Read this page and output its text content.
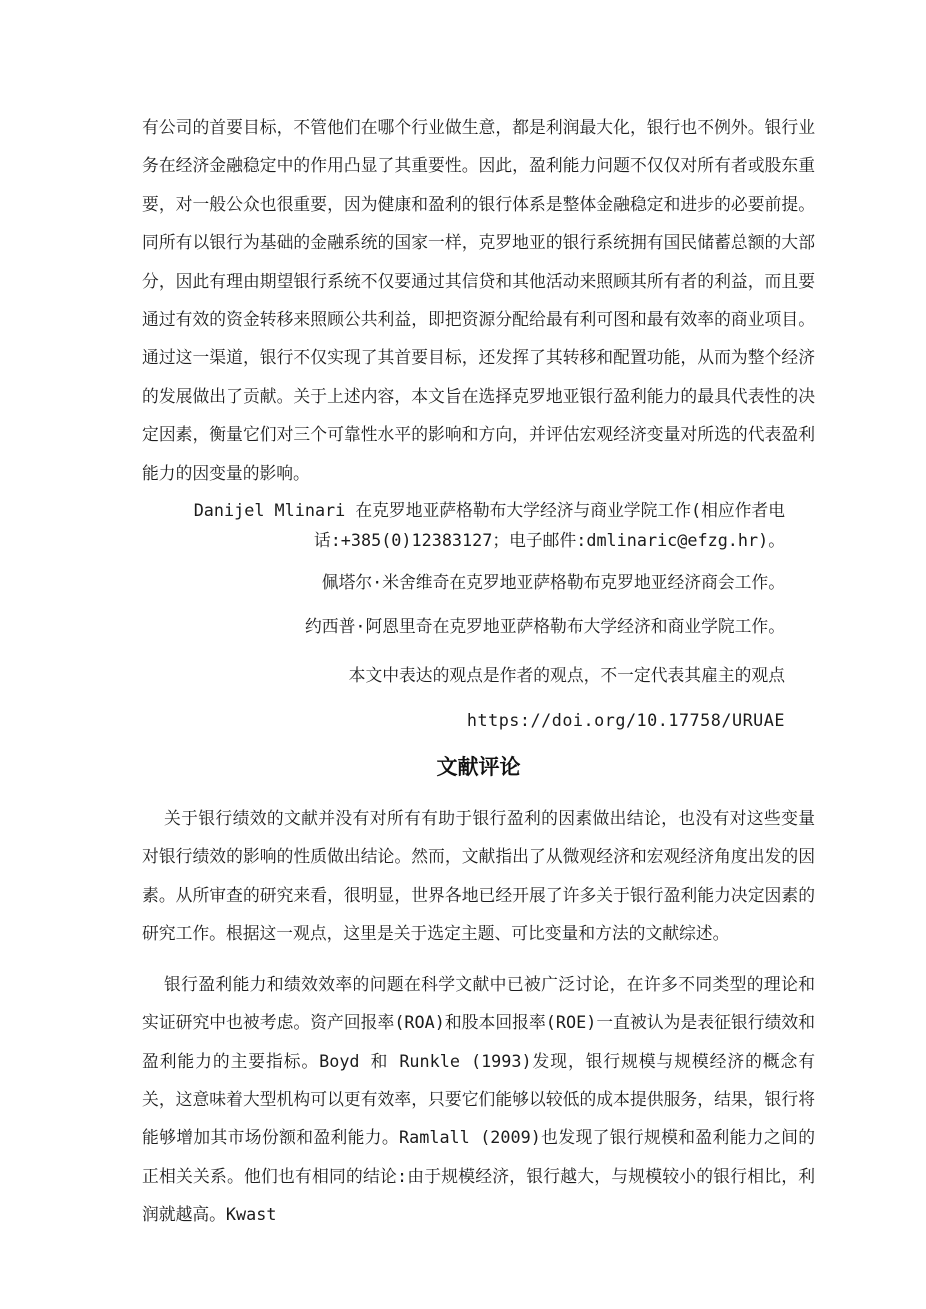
有公司的首要目标，不管他们在哪个行业做生意，都是利润最大化，银行也不例外。银行业务在经济金融稳定中的作用凸显了其重要性。因此，盈利能力问题不仅仅对所有者或股东重要，对一般公众也很重要，因为健康和盈利的银行体系是整体金融稳定和进步的必要前提。同所有以银行为基础的金融系统的国家一样，克罗地亚的银行系统拥有国民储蓄总额的大部分，因此有理由期望银行系统不仅要通过其信贷和其他活动来照顾其所有者的利益，而且要通过有效的资金转移来照顾公共利益，即把资源分配给最有利可图和最有效率的商业项目。通过这一渠道，银行不仅实现了其首要目标，还发挥了其转移和配置功能，从而为整个经济的发展做出了贡献。关于上述内容，本文旨在选择克罗地亚银行盈利能力的最具代表性的决定因素，衡量它们对三个可靠性水平的影响和方向，并评估宏观经济变量对所选的代表盈利能力的因变量的影响。

Danijel Mlinari 在克罗地亚萨格勒布大学经济与商业学院工作(相应作者电话:+385(0)12383127；电子邮件:dmlinaric@efzg.hr)。

佩塔尔·米舍维奇在克罗地亚萨格勒布克罗地亚经济商会工作。

约西普·阿恩里奇在克罗地亚萨格勒布大学经济和商业学院工作。

本文中表达的观点是作者的观点，不一定代表其雇主的观点

https://doi.org/10.17758/URUAE

文献评论

关于银行绩效的文献并没有对所有有助于银行盈利的因素做出结论，也没有对这些变量对银行绩效的影响的性质做出结论。然而，文献指出了从微观经济和宏观经济角度出发的因素。从所审查的研究来看，很明显，世界各地已经开展了许多关于银行盈利能力决定因素的研究工作。根据这一观点，这里是关于选定主题、可比变量和方法的文献综述。

银行盈利能力和绩效效率的问题在科学文献中已被广泛讨论，在许多不同类型的理论和实证研究中也被考虑。资产回报率(ROA)和股本回报率(ROE)一直被认为是表征银行绩效和盈利能力的主要指标。Boyd 和 Runkle (1993)发现，银行规模与规模经济的概念有关，这意味着大型机构可以更有效率，只要它们能够以较低的成本提供服务，结果，银行将能够增加其市场份额和盈利能力。Ramlall (2009)也发现了银行规模和盈利能力之间的正相关关系。他们也有相同的结论:由于规模经济，银行越大，与规模较小的银行相比，利润就越高。Kwast
